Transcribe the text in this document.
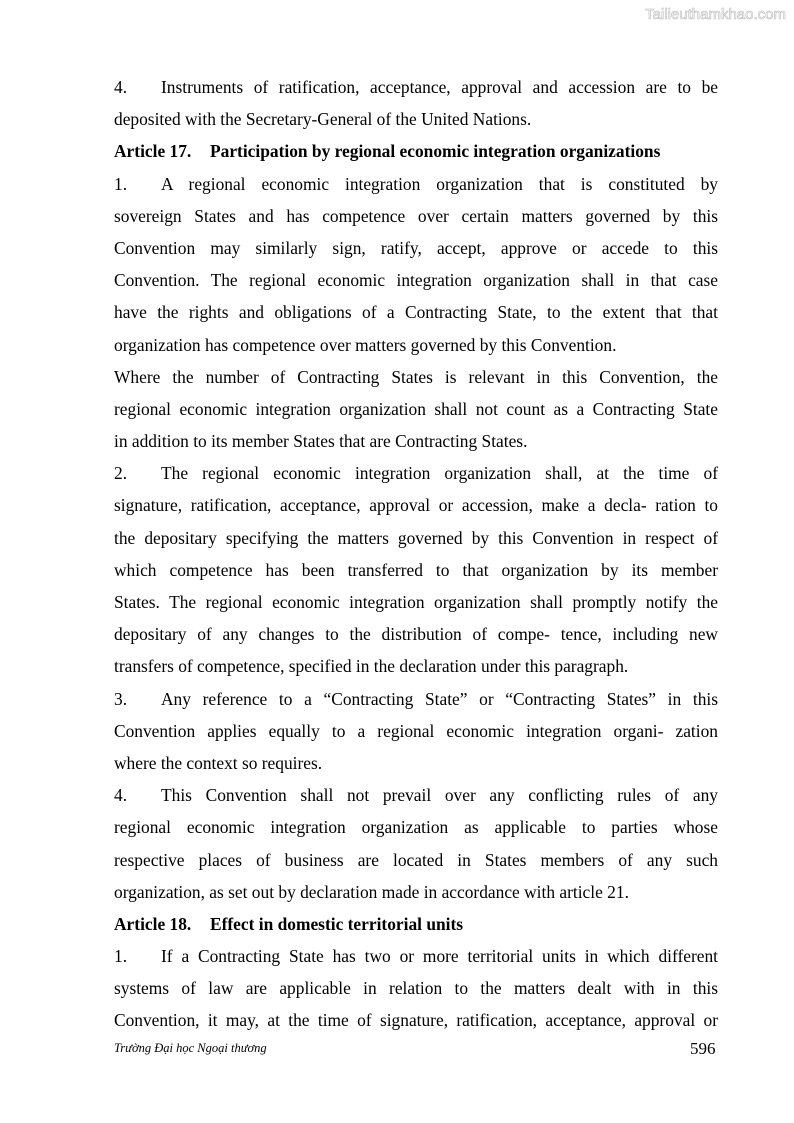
Tailieuthamkhao.com
4. Instruments of ratification, acceptance, approval and accession are to be
deposited with the Secretary-General of the United Nations.
Article 17. Participation by regional economic integration organizations
1. A regional economic integration organization that is constituted by
sovereign States and has competence over certain matters governed by this
Convention may similarly sign, ratify, accept, approve or accede to this
Convention. The regional economic integration organization shall in that case
have the rights and obligations of a Contracting State, to the extent that that
organization has competence over matters governed by this Convention.
Where the number of Contracting States is relevant in this Convention, the
regional economic integration organization shall not count as a Contracting State
in addition to its member States that are Contracting States.
2. The regional economic integration organization shall, at the time of
signature, ratification, acceptance, approval or accession, make a decla- ration to
the depositary specifying the matters governed by this Convention in respect of
which competence has been transferred to that organization by its member
States. The regional economic integration organization shall promptly notify the
depositary of any changes to the distribution of compe- tence, including new
transfers of competence, specified in the declaration under this paragraph.
3. Any reference to a “Contracting State” or “Contracting States” in this
Convention applies equally to a regional economic integration organi- zation
where the context so requires.
4. This Convention shall not prevail over any conflicting rules of any
regional economic integration organization as applicable to parties whose
respective places of business are located in States members of any such
organization, as set out by declaration made in accordance with article 21.
Article 18. Effect in domestic territorial units
1. If a Contracting State has two or more territorial units in which different
systems of law are applicable in relation to the matters dealt with in this
Convention, it may, at the time of signature, ratification, acceptance, approval or
Trường Đại học Ngoại thương	596
